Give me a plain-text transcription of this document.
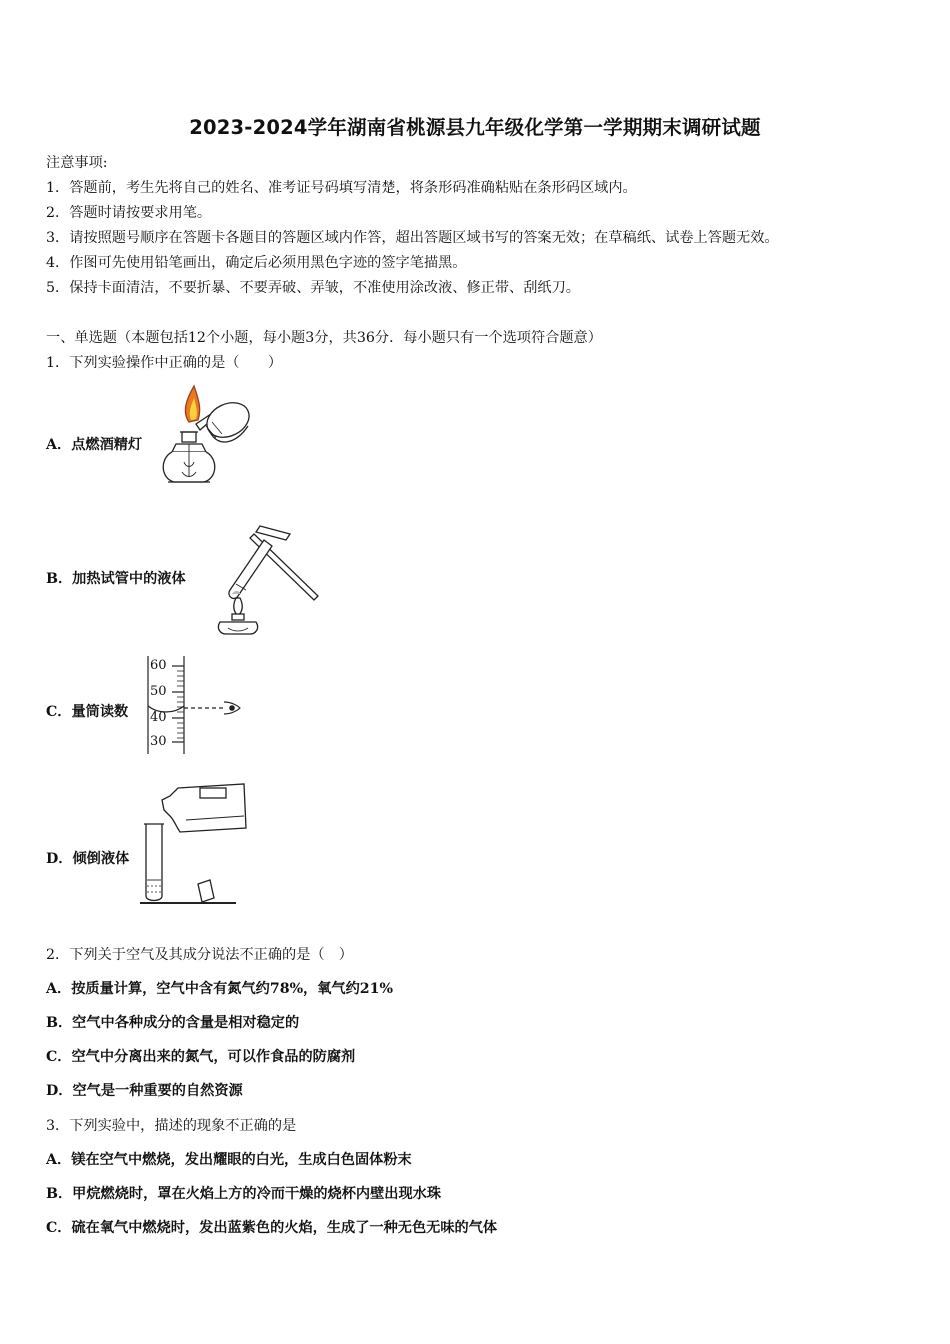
2023-2024学年湖南省桃源县九年级化学第一学期期末调研试题
注意事项:
1．答题前，考生先将自己的姓名、准考证号码填写清楚，将条形码准确粘贴在条形码区域内。
2．答题时请按要求用笔。
3．请按照题号顺序在答题卡各题目的答题区域内作答，超出答题区域书写的答案无效；在草稿纸、试卷上答题无效。
4．作图可先使用铅笔画出，确定后必须用黑色字迹的签字笔描黑。
5．保持卡面清洁，不要折暴、不要弄破、弄皱，不准使用涂改液、修正带、刮纸刀。
一、单选题（本题包括12个小题，每小题3分，共36分．每小题只有一个选项符合题意）
1．下列实验操作中正确的是（　　）
A．点燃酒精灯
B．加热试管中的液体
C．量筒读数
D．倾倒液体
60
50
40
30
2．下列关于空气及其成分说法不正确的是（　）
A．按质量计算，空气中含有氮气约78%，氧气约21%
B．空气中各种成分的含量是相对稳定的
C．空气中分离出来的氮气，可以作食品的防腐剂
D．空气是一种重要的自然资源
3．下列实验中，描述的现象不正确的是
A．镁在空气中燃烧，发出耀眼的白光，生成白色固体粉末
B．甲烷燃烧时，罩在火焰上方的冷而干燥的烧杯内壁出现水珠
C．硫在氧气中燃烧时，发出蓝紫色的火焰，生成了一种无色无味的气体
